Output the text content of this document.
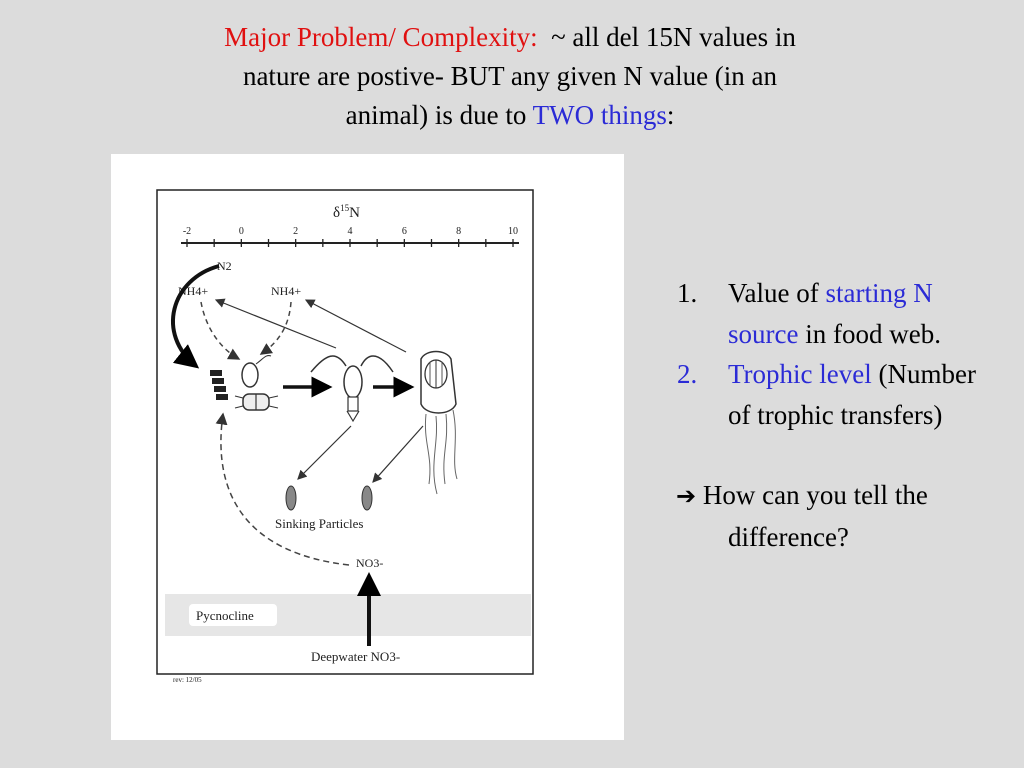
Major Problem/ Complexity: ~ all del 15N values in
nature are postive- BUT any given N value (in an
animal) is due to TWO things:
$\delta^{15}N$
-2	0	2	4	6	8	10
N2
NH4+	NH4+
Sinking Particles
NO3-
Pycnocline
Deepwater NO3-
rev: 12/05
1. Value of starting N source in food web.
2. Trophic level (Number of trophic transfers)
➔ How can you tell the difference?
